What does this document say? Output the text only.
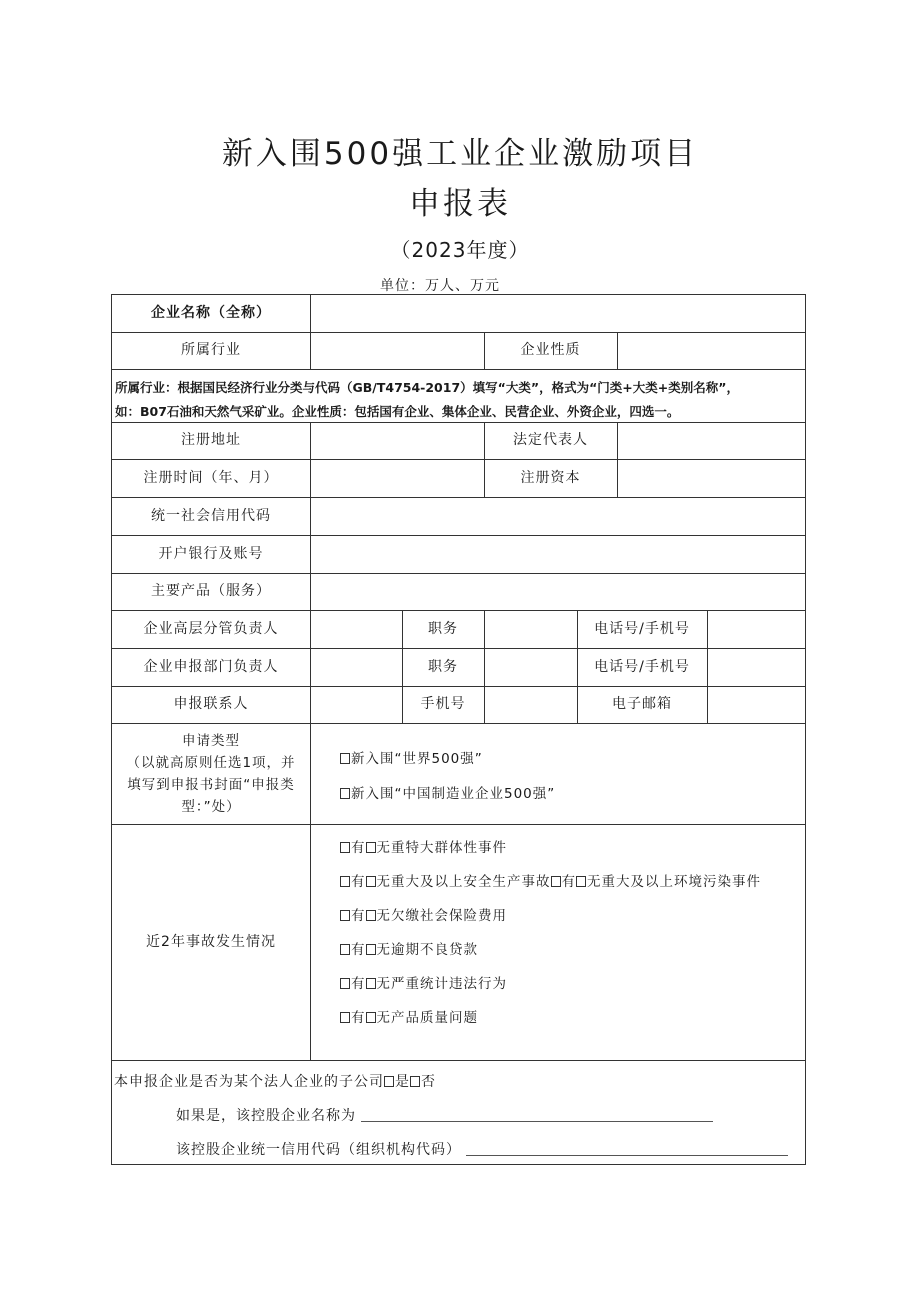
新入围500强工业企业激励项目
申报表
（2023年度）
单位：万人、万元
企业名称（全称）
所属行业	企业性质
所属行业：根据国民经济行业分类与代码（GB/T4754-2017）填写“大类”，格式为“门类+大类+类别名称”，
如：B07石油和天然气采矿业。企业性质：包括国有企业、集体企业、民营企业、外资企业，四选一。
注册地址	法定代表人
注册时间（年、月）	注册资本
统一社会信用代码
开户银行及账号
主要产品（服务）
企业高层分管负责人	职务	电话号/手机号
企业申报部门负责人	职务	电话号/手机号
申报联系人	手机号	电子邮箱
申请类型
（以就高原则任选1项，并
填写到申报书封面“申报类
型：”处）
新入围“世界500强”
新入围“中国制造业企业500强”
近2年事故发生情况
有 无重特大群体性事件
有 无重大及以上安全生产事故 有 无重大及以上环境污染事件
有 无欠缴社会保险费用
有 无逾期不良贷款
有 无严重统计违法行为
有 无产品质量问题
本申报企业是否为某个法人企业的子公司 是 否
如果是，该控股企业名称为
该控股企业统一信用代码（组织机构代码）
